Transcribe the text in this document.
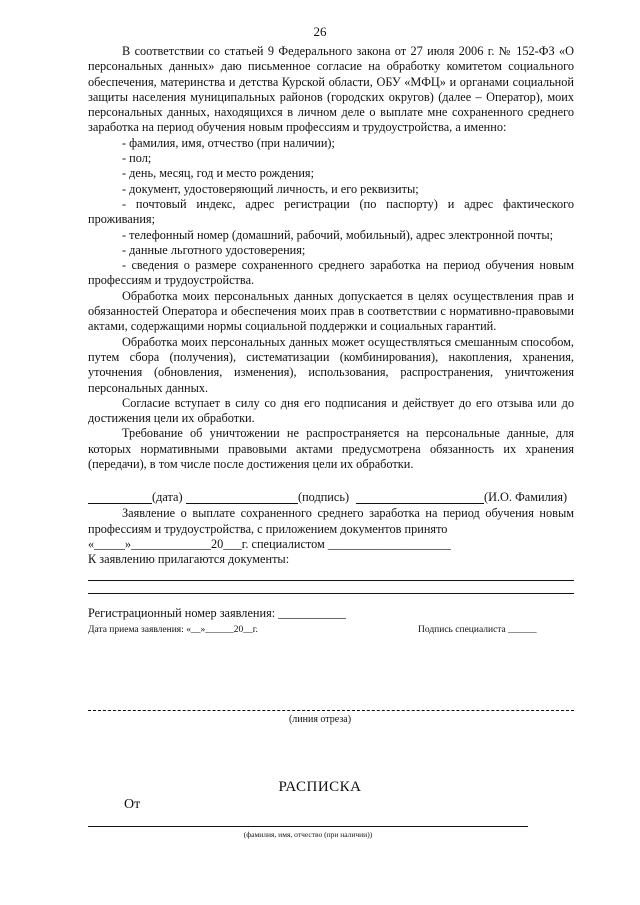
26

В соответствии со статьей 9 Федерального закона от 27 июля 2006 г. № 152-ФЗ «О персональных данных» даю письменное согласие на обработку комитетом социального обеспечения, материнства и детства Курской области, ОБУ «МФЦ» и органами социальной защиты населения муниципальных районов (городских округов) (далее – Оператор), моих персональных данных, находящихся в личном деле о выплате мне сохраненного среднего заработка на период обучения новым профессиям и трудоустройства, а именно:

- фамилия, имя, отчество (при наличии);
- пол;
- день, месяц, год и место рождения;
- документ, удостоверяющий личность, и его реквизиты;
- почтовый индекс, адрес регистрации (по паспорту) и адрес фактического проживания;
- телефонный номер (домашний, рабочий, мобильный), адрес электронной почты;
- данные льготного удостоверения;
- сведения о размере сохраненного среднего заработка на период обучения новым профессиям и трудоустройства.

Обработка моих персональных данных допускается в целях осуществления прав и обязанностей Оператора и обеспечения моих прав в соответствии с нормативно-правовыми актами, содержащими нормы социальной поддержки и социальных гарантий.

Обработка моих персональных данных может осуществляться смешанным способом, путем сбора (получения), систематизации (комбинирования), накопления, хранения, уточнения (обновления, изменения), использования, распространения, уничтожения персональных данных.

Согласие вступает в силу со дня его подписания и действует до его отзыва или до достижения цели их обработки.

Требование об уничтожении не распространяется на персональные данные, для которых нормативными правовыми актами предусмотрена обязанность их хранения (передачи), в том числе после достижения цели их обработки.

(дата)	(подпись)	(И.О. Фамилия)

Заявление о выплате сохраненного среднего заработка на период обучения новым профессиям и трудоустройства, с приложением документов принято

«_____»_____________20___г. специалистом ____________________
К заявлению прилагаются документы:
Регистрационный номер заявления: ___________
Дата приема заявления: «__»______20__г.	Подпись специалиста ______
(линия отреза)
РАСПИСКА
От
(фамилия, имя, отчество (при наличии))
